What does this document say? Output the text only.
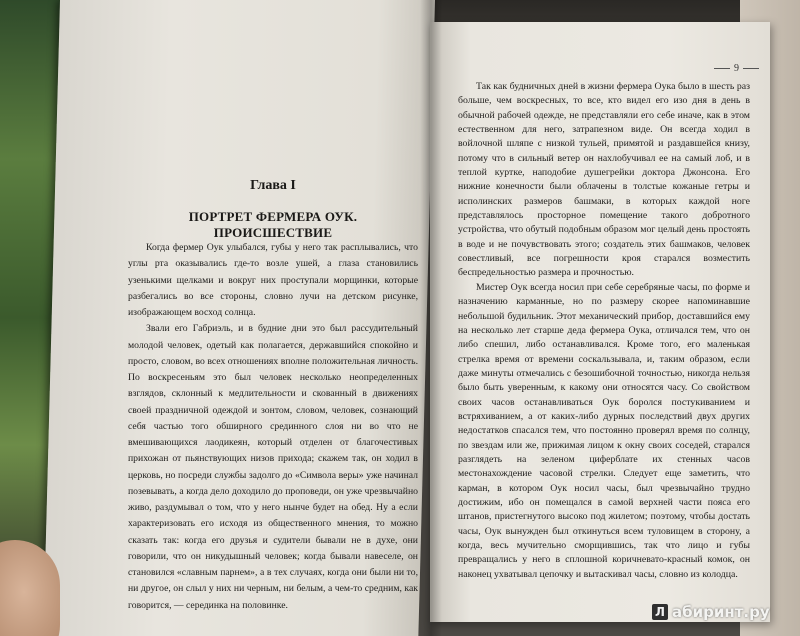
Глава I
ПОРТРЕТ ФЕРМЕРА ОУК. ПРОИСШЕСТВИЕ

Когда фермер Оук улыбался, губы у него так расплывались, что углы рта оказывались где-то возле ушей, а глаза становились узенькими щелками и вокруг них проступали морщинки, которые разбегались во все стороны, словно лучи на детском рисунке, изображающем восход солнца.

Звали его Габриэль, и в будние дни это был рассудительный молодой человек, одетый как полагается, державшийся спокойно и просто, словом, во всех отношениях вполне положительная личность. По воскресеньям это был человек несколько неопределенных взглядов, склонный к медлительности и скованный в движениях своей праздничной одеждой и зонтом, словом, человек, сознающий себя частью того обширного срединного слоя ни во что не вмешивающихся лаодикеян, который отделен от благочестивых прихожан от пьянствующих низов прихода; скажем так, он ходил в церковь, но посреди службы задолго до «Символа веры» уже начинал позевывать, а когда дело доходило до проповеди, он уже чрезвычайно живо, раздумывал о том, что у него нынче будет на обед. Ну а если характеризовать его исходя из общественного мнения, то можно сказать так: когда его друзья и судители бывали не в духе, они говорили, что он никудышный человек; когда бывали навеселе, он становился «славным парнем», а в тех случаях, когда они были ни то, ни другое, он слыл у них ни черным, ни белым, а чем-то средним, как говорится, — серединка на половинке.

9

Так как будничных дней в жизни фермера Оука было в шесть раз больше, чем воскресных, то все, кто видел его изо дня в день в обычной рабочей одежде, не представляли его себе иначе, как в этом естественном для него, затрапезном виде. Он всегда ходил в войлочной шляпе с низкой тульей, примятой и раздавшейся книзу, потому что в сильный ветер он нахлобучивал ее на самый лоб, и в теплой куртке, наподобие душегрейки доктора Джонсона. Его нижние конечности были облачены в толстые кожаные гетры и исполинских размеров башмаки, в которых каждой ноге представлялось просторное помещение такого добротного устройства, что обутый подобным образом мог целый день простоять в воде и не почувствовать этого; создатель этих башмаков, человек совестливый, все погрешности кроя старался возместить беспредельностью размера и прочностью.

Мистер Оук всегда носил при себе серебряные часы, по форме и назначению карманные, но по размеру скорее напоминавшие небольшой будильник. Этот механический прибор, доставшийся ему на несколько лет старше деда фермера Оука, отличался тем, что он либо спешил, либо останавливался. Кроме того, его маленькая стрелка время от времени соскальзывала, и, таким образом, если даже минуты отмечались с безошибочной точностью, никогда нельзя было быть уверенным, к какому они относятся часу. Со свойством своих часов останавливаться Оук боролся постукиванием и встряхиванием, а от каких-либо дурных последствий двух других недостатков спасался тем, что постоянно проверял время по солнцу, по звездам или же, прижимая лицом к окну своих соседей, старался разглядеть на зеленом циферблате их стенных часов местонахождение часовой стрелки. Следует еще заметить, что карман, в котором Оук носил часы, был чрезвычайно трудно достижим, ибо он помещался в самой верхней части пояса его штанов, пристегнутого высоко под жилетом; поэтому, чтобы достать часы, Оук вынужден был откинуться всем туловищем в сторону, а когда, весь мучительно сморщившись, так что лицо и губы превращались у него в сплошной коричневато-красный комок, он наконец ухватывал цепочку и вытаскивал часы, словно из колодца.

Л абиринт.ру
